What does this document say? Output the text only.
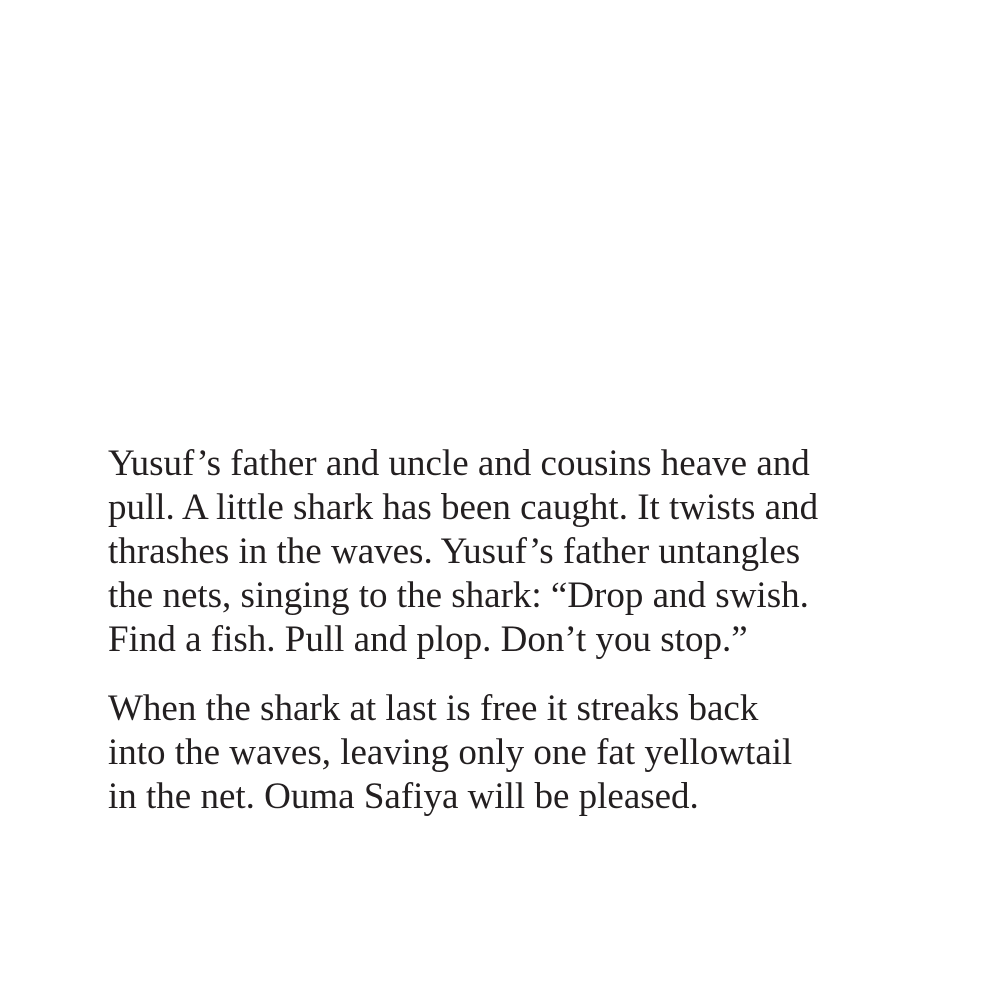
Yusuf’s father and uncle and cousins heave and
pull. A little shark has been caught. It twists and
thrashes in the waves. Yusuf’s father untangles
the nets, singing to the shark: “Drop and swish.
Find a fish. Pull and plop. Don’t you stop.”
When the shark at last is free it streaks back
into the waves, leaving only one fat yellowtail
in the net. Ouma Safiya will be pleased.
